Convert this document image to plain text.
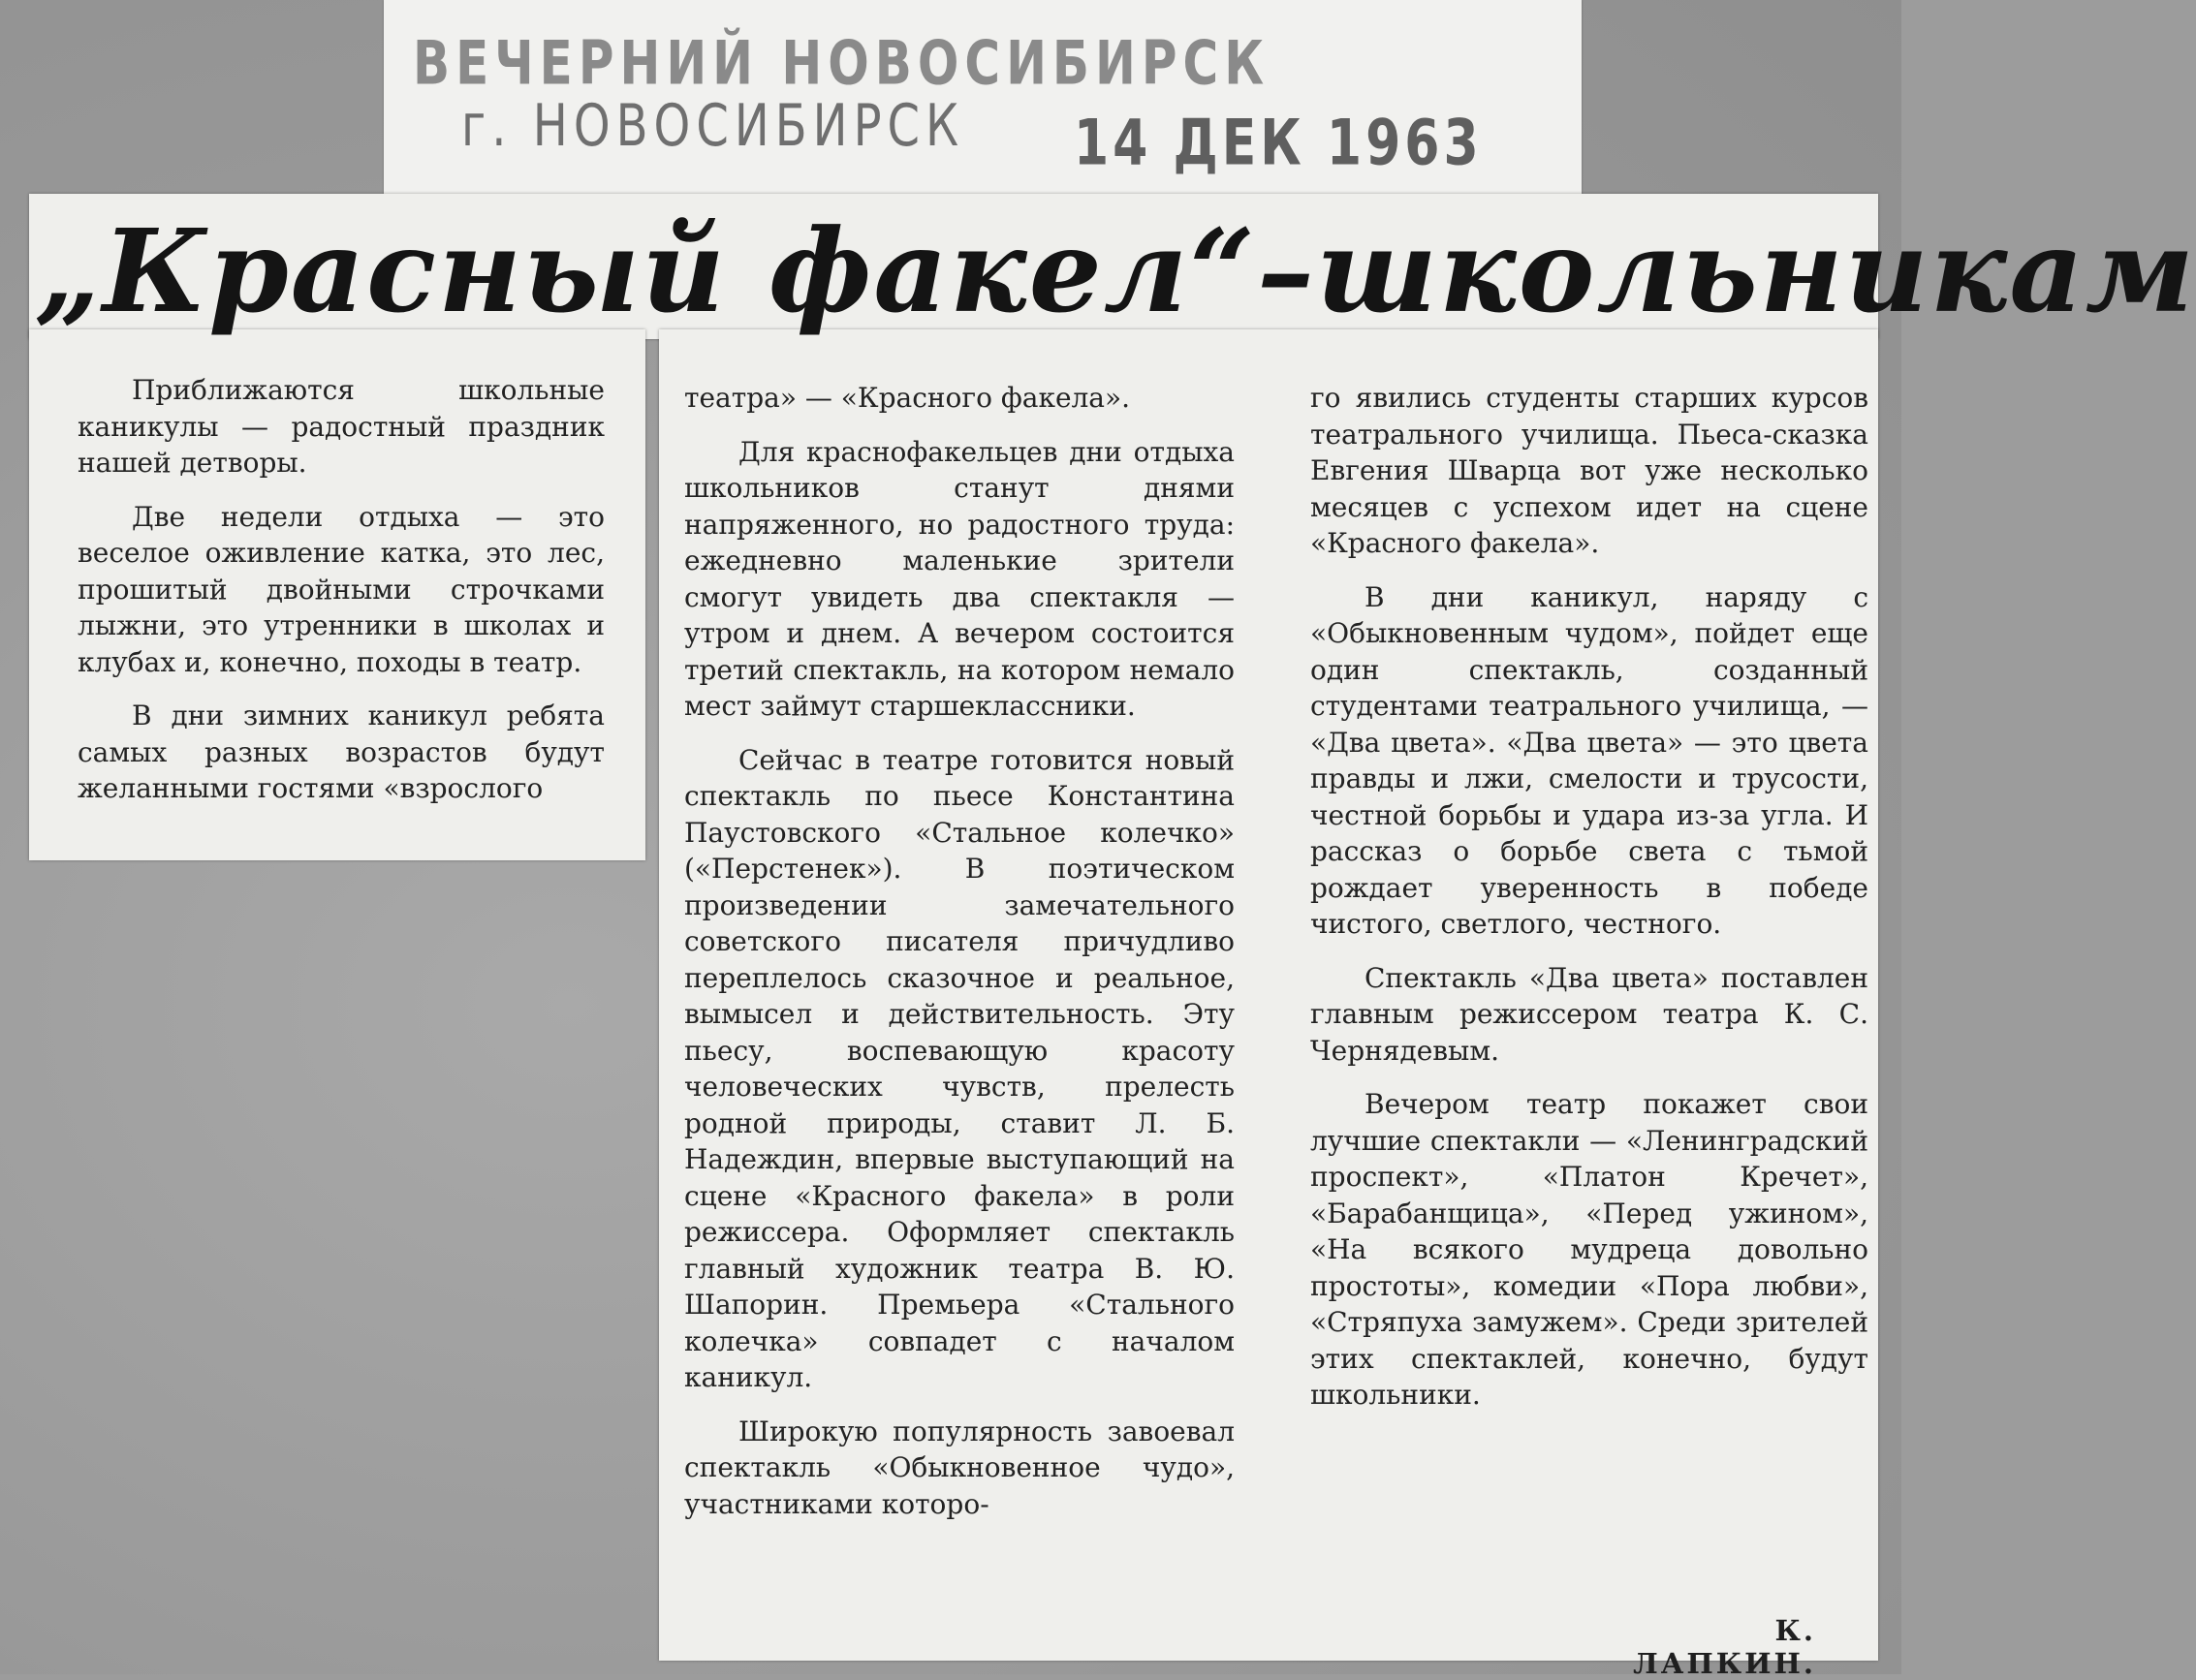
ВЕЧЕРНИЙ НОВОСИБИРСК
г. НОВОСИБИРСК 14 ДЕК 1963
„Красный факел“–школьникам

Приближаются школьные каникулы — радостный праздник нашей детворы.

Две недели отдыха — это веселое оживление катка, это лес, прошитый двойными строчками лыжни, это утренники в школах и клубах и, конечно, походы в театр.

В дни зимних каникул ребята самых разных возрастов будут желанными гостями «взрослого

театра» — «Красного факела».

Для краснофакельцев дни отдыха школьников станут днями напряженного, но радостного труда: ежедневно маленькие зрители смогут увидеть два спектакля — утром и днем. А вечером состоится третий спектакль, на котором немало мест займут старшеклассники.

Сейчас в театре готовится новый спектакль по пьесе Константина Паустовского «Стальное колечко» («Перстенек»). В поэтическом произведении замечательного советского писателя причудливо переплелось сказочное и реальное, вымысел и действительность. Эту пьесу, воспевающую красоту человеческих чувств, прелесть родной природы, ставит Л. Б. Надеждин, впервые выступающий на сцене «Красного факела» в роли режиссера. Оформляет спектакль главный художник театра В. Ю. Шапорин. Премьера «Стального колечка» совпадет с началом каникул.

Широкую популярность завоевал спектакль «Обыкновенное чудо», участниками которо-

го явились студенты старших курсов театрального училища. Пьеса-сказка Евгения Шварца вот уже несколько месяцев с успехом идет на сцене «Красного факела».

В дни каникул, наряду с «Обыкновенным чудом», пойдет еще один спектакль, созданный студентами театрального училища, — «Два цвета». «Два цвета» — это цвета правды и лжи, смелости и трусости, честной борьбы и удара из-за угла. И рассказ о борьбе света с тьмой рождает уверенность в победе чистого, светлого, честного.

Спектакль «Два цвета» поставлен главным режиссером театра К. С. Чернядевым.

Вечером театр покажет свои лучшие спектакли — «Ленинградский проспект», «Платон Кречет», «Барабанщица», «Перед ужином», «На всякого мудреца довольно простоты», комедии «Пора любви», «Стряпуха замужем». Среди зрителей этих спектаклей, конечно, будут школьники.

К. ЛАПКИН.
